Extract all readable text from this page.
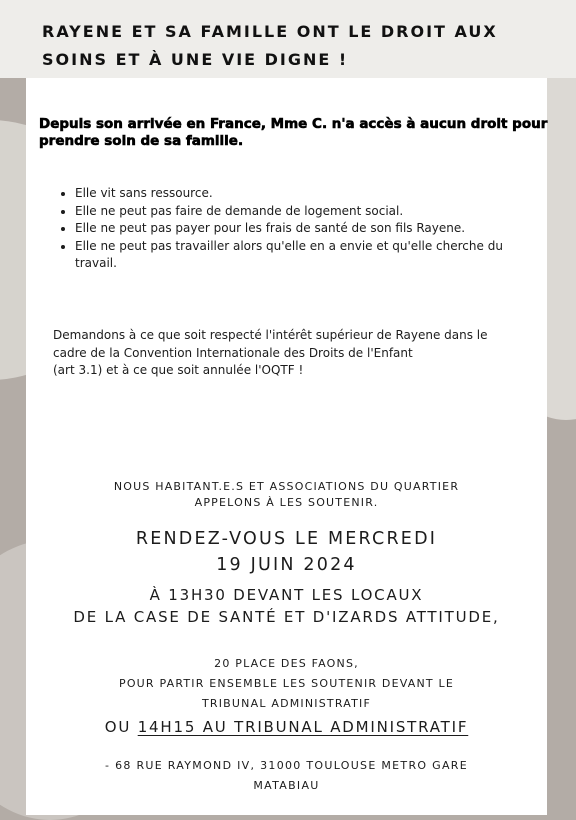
RAYENE ET SA FAMILLE ONT LE DROIT AUX SOINS ET À UNE VIE DIGNE !
Depuis son arrivée en France, Mme C. n'a accès à aucun droit pour prendre soin de sa famille.
• Elle vit sans ressource.
• Elle ne peut pas faire de demande de logement social.
• Elle ne peut pas payer pour les frais de santé de son fils Rayene.
• Elle ne peut pas travailler alors qu'elle en a envie et qu'elle cherche du travail.
Demandons à ce que soit respecté l'intérêt supérieur de Rayene dans le cadre de la Convention Internationale des Droits de l'Enfant
(art 3.1) et à ce que soit annulée l'OQTF !
NOUS HABITANT.E.S ET ASSOCIATIONS DU QUARTIER
APPELONS À LES SOUTENIR.
RENDEZ-VOUS LE MERCREDI
19 JUIN 2024
À 13H30 DEVANT LES LOCAUX
DE LA CASE DE SANTÉ ET D'IZARDS ATTITUDE,
20 PLACE DES FAONS,
POUR PARTIR ENSEMBLE LES SOUTENIR DEVANT LE
TRIBUNAL ADMINISTRATIF
OU 14H15 AU TRIBUNAL ADMINISTRATIF
- 68 RUE RAYMOND IV, 31000 TOULOUSE METRO GARE
MATABIAU
